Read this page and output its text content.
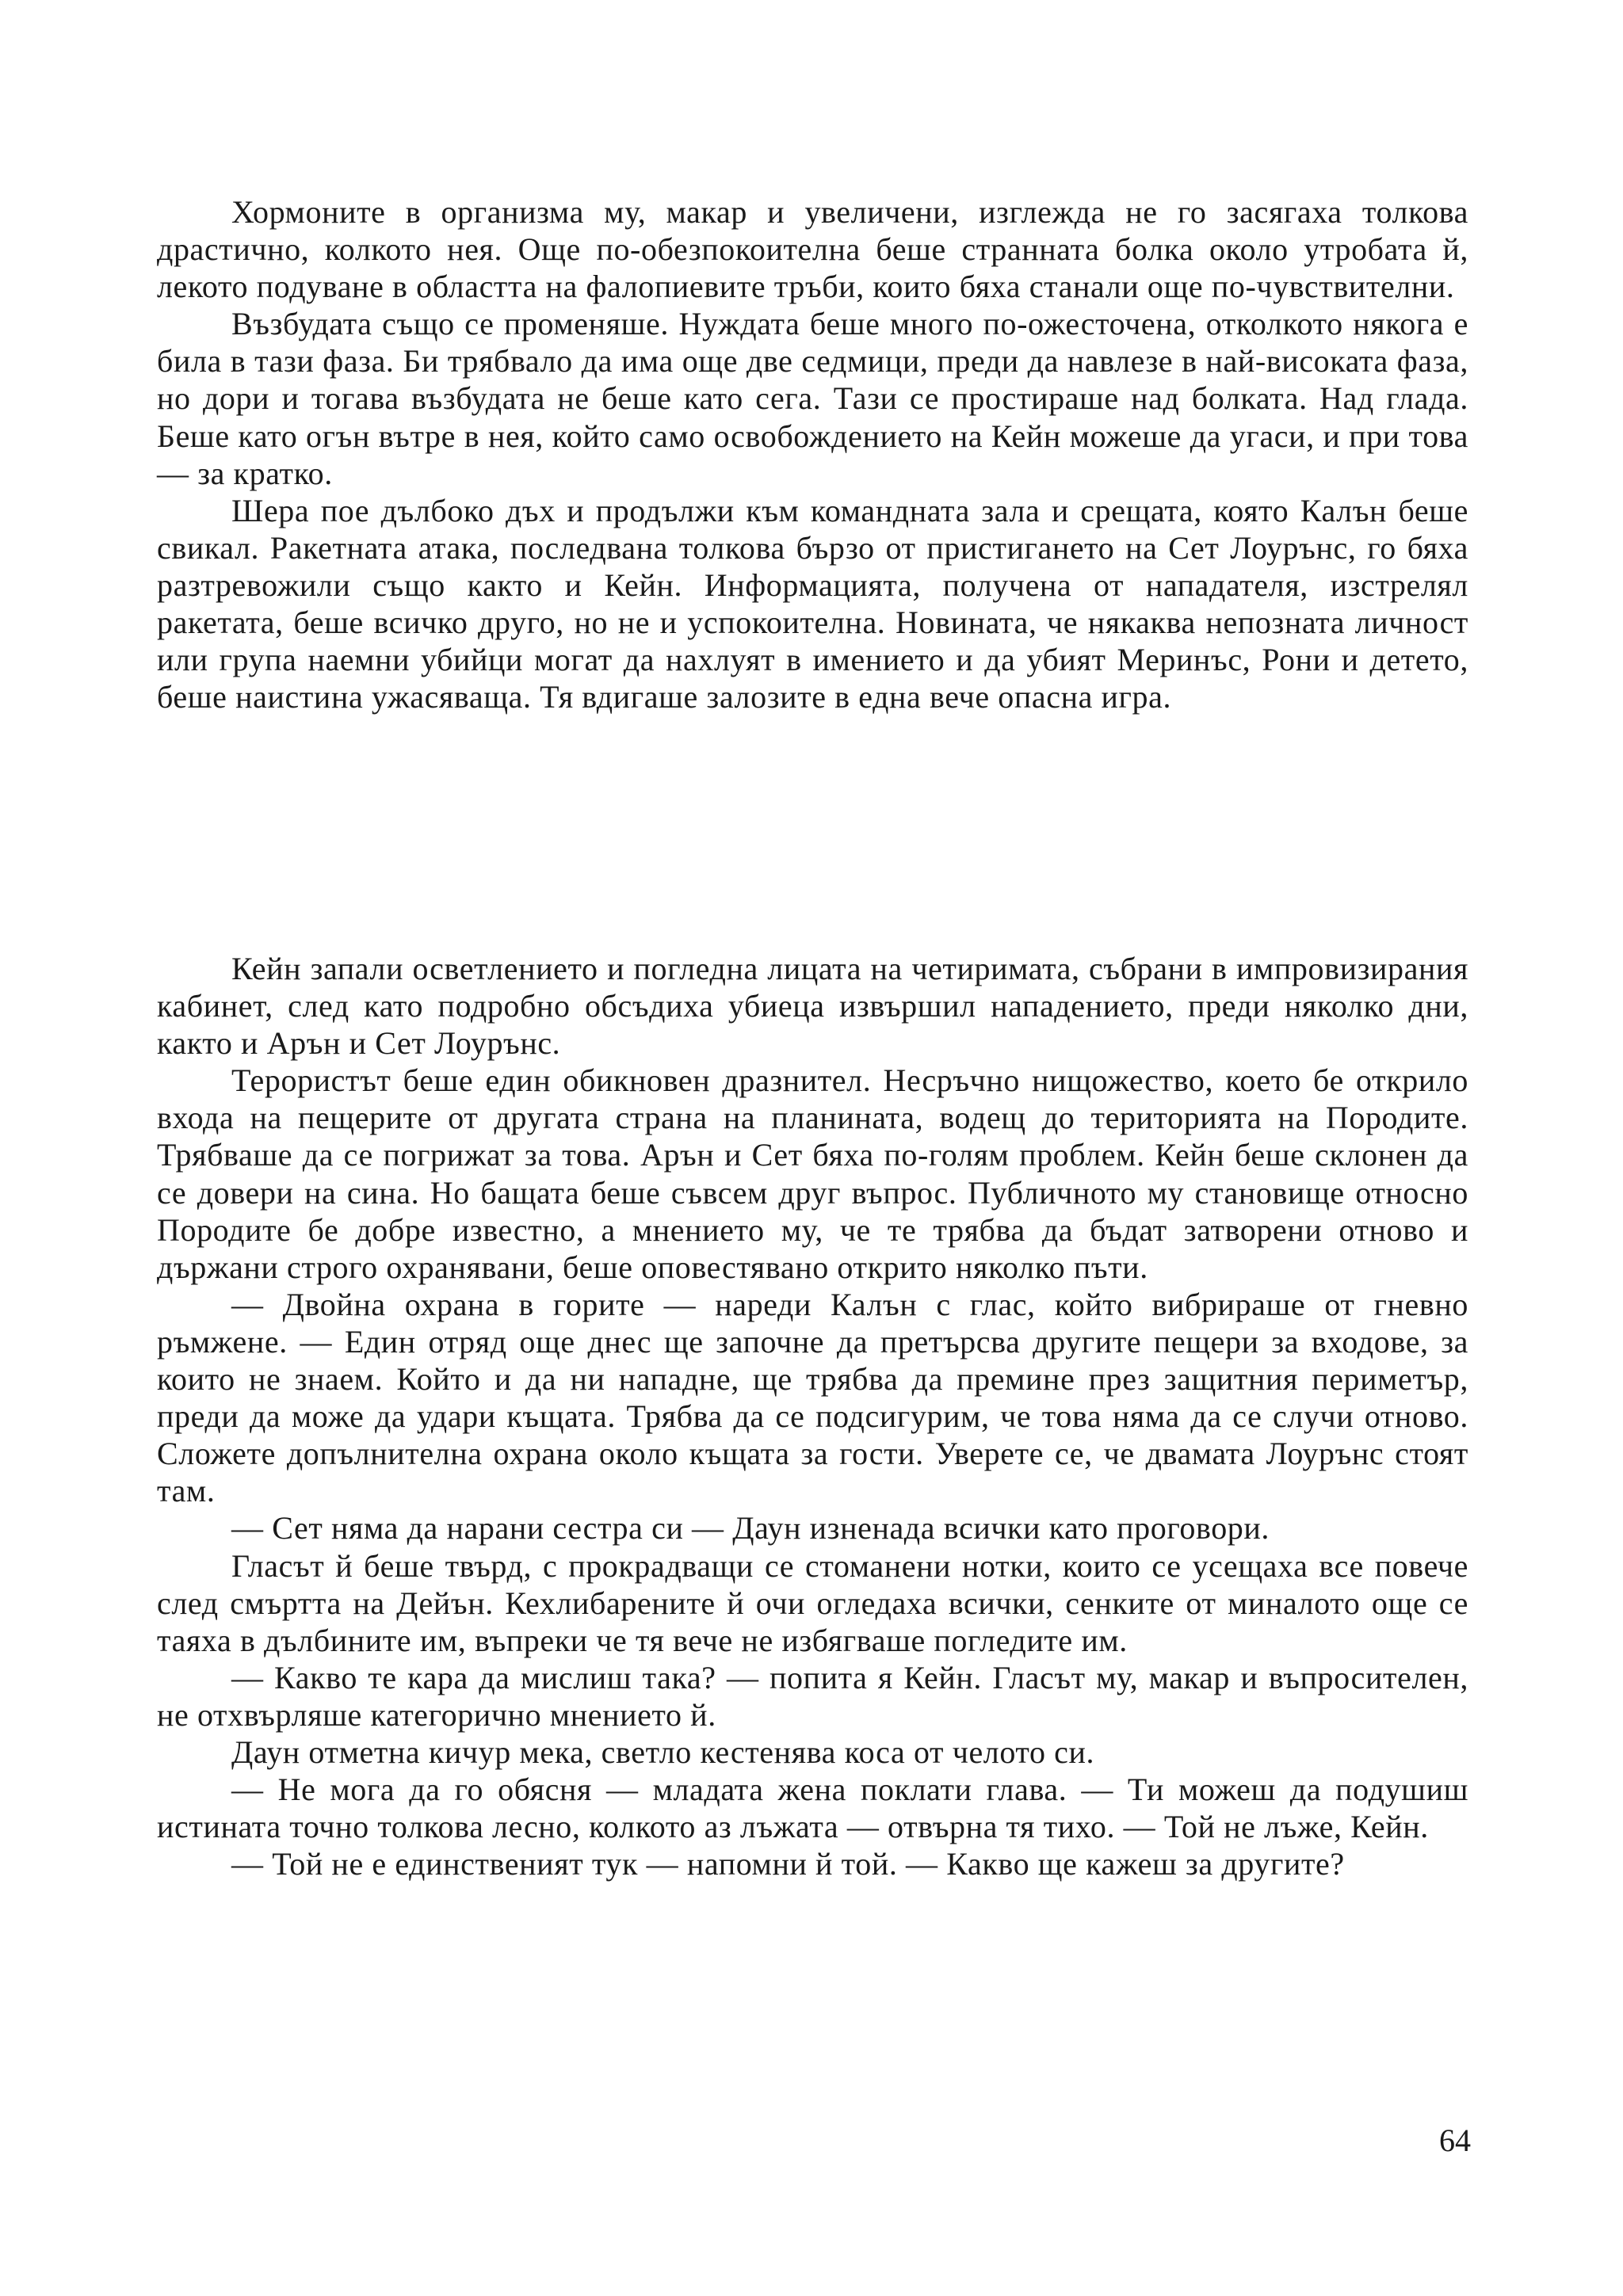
Хормоните в организма му, макар и увеличени, изглежда не го засягаха толкова драстично, колкото нея. Още по-обезпокоителна беше странната болка около утробата й, лекото подуване в областта на фалопиевите тръби, които бяха станали още по-чувствителни.

Възбудата също се променяше. Нуждата беше много по-ожесточена, отколкото някога е била в тази фаза. Би трябвало да има още две седмици, преди да навлезе в най-високата фаза, но дори и тогава възбудата не беше като сега. Тази се простираше над болката. Над глада. Беше като огън вътре в нея, който само освобождението на Кейн можеше да угаси, и при това — за кратко.

Шера пое дълбоко дъх и продължи към командната зала и срещата, която Калън беше свикал. Ракетната атака, последвана толкова бързо от пристигането на Сет Лоурънс, го бяха разтревожили също както и Кейн. Информацията, получена от нападателя, изстрелял ракетата, беше всичко друго, но не и успокоителна. Новината, че някаква непозната личност или група наемни убийци могат да нахлуят в имението и да убият Меринъс, Рони и детето, беше наистина ужасяваща. Тя вдигаше залозите в една вече опасна игра.

Кейн запали осветлението и погледна лицата на четиримата, събрани в импровизирания кабинет, след като подробно обсъдиха убиеца извършил нападението, преди няколко дни, както и Арън и Сет Лоурънс.

Терористът беше един обикновен дразнител. Несръчно нищожество, което бе открило входа на пещерите от другата страна на планината, водещ до територията на Породите. Трябваше да се погрижат за това. Арън и Сет бяха по-голям проблем. Кейн беше склонен да се довери на сина. Но бащата беше съвсем друг въпрос. Публичното му становище относно Породите бе добре известно, а мнението му, че те трябва да бъдат затворени отново и държани строго охранявани, беше оповестявано открито няколко пъти.

— Двойна охрана в горите — нареди Калън с глас, който вибрираше от гневно ръмжене. — Един отряд още днес ще започне да претърсва другите пещери за входове, за които не знаем. Който и да ни нападне, ще трябва да премине през защитния периметър, преди да може да удари къщата. Трябва да се подсигурим, че това няма да се случи отново. Сложете допълнителна охрана около къщата за гости. Уверете се, че двамата Лоурънс стоят там.

— Сет няма да нарани сестра си — Даун изненада всички като проговори.

Гласът й беше твърд, с прокрадващи се стоманени нотки, които се усещаха все повече след смъртта на Дейън. Кехлибарените й очи огледаха всички, сенките от миналото още се таяха в дълбините им, въпреки че тя вече не избягваше погледите им.

— Какво те кара да мислиш така? — попита я Кейн. Гласът му, макар и въпросителен, не отхвърляше категорично мнението й.

Даун отметна кичур мека, светло кестенява коса от челото си.

— Не мога да го обясня — младата жена поклати глава. — Ти можеш да подушиш истината точно толкова лесно, колкото аз лъжата — отвърна тя тихо. — Той не лъже, Кейн.

— Той не е единственият тук — напомни й той. — Какво ще кажеш за другите?

64
